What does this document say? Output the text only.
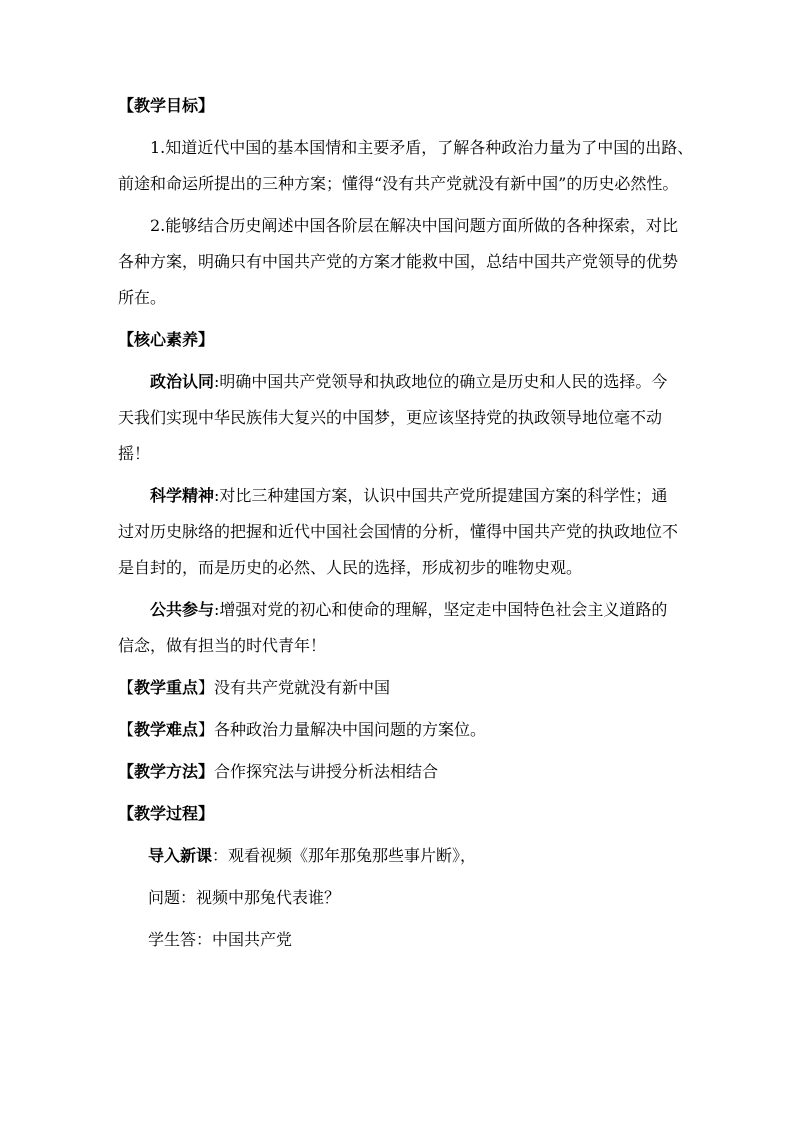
【教学目标】
1.知道近代中国的基本国情和主要矛盾，了解各种政治力量为了中国的出路、
前途和命运所提出的三种方案；懂得“没有共产党就没有新中国”的历史必然性。
2.能够结合历史阐述中国各阶层在解决中国问题方面所做的各种探索，对比
各种方案，明确只有中国共产党的方案才能救中国，总结中国共产党领导的优势
所在。
【核心素养】
政治认同:明确中国共产党领导和执政地位的确立是历史和人民的选择。今
天我们实现中华民族伟大复兴的中国梦，更应该坚持党的执政领导地位毫不动
摇！
科学精神:对比三种建国方案，认识中国共产党所提建国方案的科学性；通
过对历史脉络的把握和近代中国社会国情的分析，懂得中国共产党的执政地位不
是自封的，而是历史的必然、人民的选择，形成初步的唯物史观。
公共参与:增强对党的初心和使命的理解，坚定走中国特色社会主义道路的
信念，做有担当的时代青年！
【教学重点】没有共产党就没有新中国
【教学难点】各种政治力量解决中国问题的方案位。
【教学方法】合作探究法与讲授分析法相结合
【教学过程】
导入新课：观看视频《那年那兔那些事片断》，
问题：视频中那兔代表谁？
学生答：中国共产党
